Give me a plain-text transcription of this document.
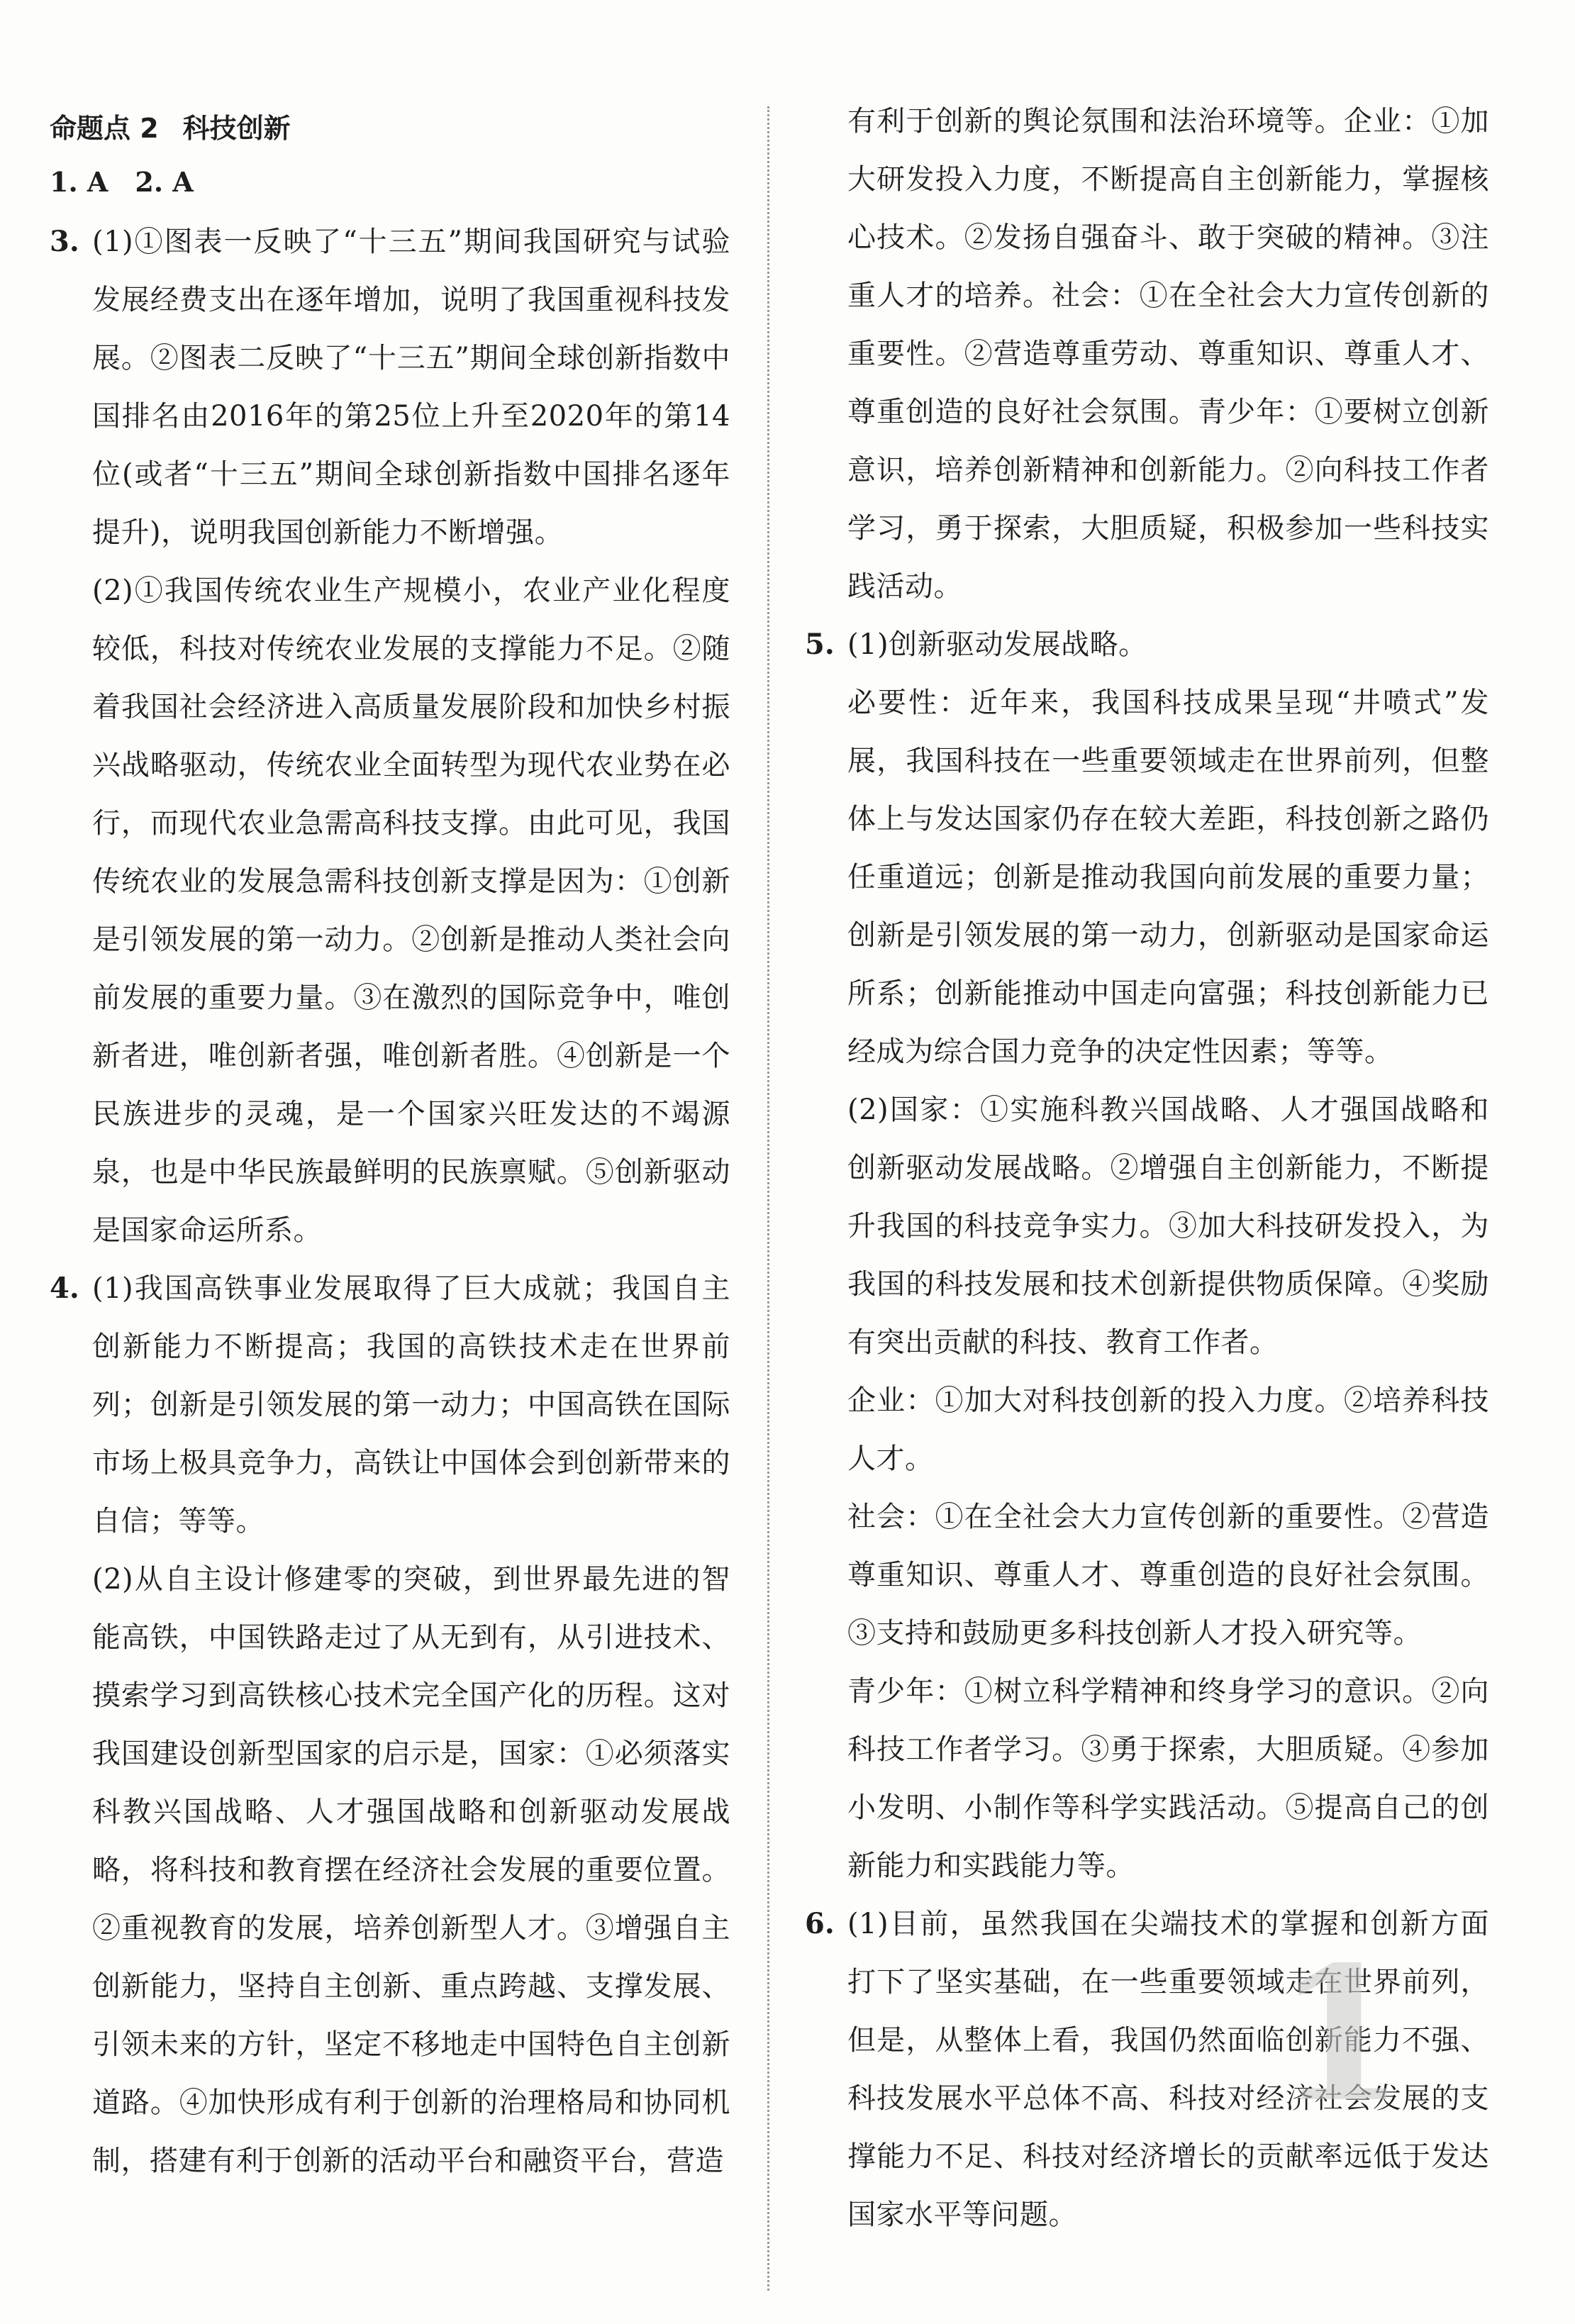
命题点 2 科技创新
1. A　2. A
3. (1)①图表一反映了“十三五”期间我国研究与试验发展经费支出在逐年增加，说明了我国重视科技发展。②图表二反映了“十三五”期间全球创新指数中国排名由2016年的第25位上升至2020年的第14位(或者“十三五”期间全球创新指数中国排名逐年提升)，说明我国创新能力不断增强。

(2)①我国传统农业生产规模小，农业产业化程度较低，科技对传统农业发展的支撑能力不足。②随着我国社会经济进入高质量发展阶段和加快乡村振兴战略驱动，传统农业全面转型为现代农业势在必行，而现代农业急需高科技支撑。由此可见，我国传统农业的发展急需科技创新支撑是因为：①创新是引领发展的第一动力。②创新是推动人类社会向前发展的重要力量。③在激烈的国际竞争中，唯创新者进，唯创新者强，唯创新者胜。④创新是一个民族进步的灵魂，是一个国家兴旺发达的不竭源泉，也是中华民族最鲜明的民族禀赋。⑤创新驱动是国家命运所系。

4. (1)我国高铁事业发展取得了巨大成就；我国自主创新能力不断提高；我国的高铁技术走在世界前列；创新是引领发展的第一动力；中国高铁在国际市场上极具竞争力，高铁让中国体会到创新带来的自信；等等。

(2)从自主设计修建零的突破，到世界最先进的智能高铁，中国铁路走过了从无到有，从引进技术、摸索学习到高铁核心技术完全国产化的历程。这对我国建设创新型国家的启示是，国家：①必须落实科教兴国战略、人才强国战略和创新驱动发展战略，将科技和教育摆在经济社会发展的重要位置。②重视教育的发展，培养创新型人才。③增强自主创新能力，坚持自主创新、重点跨越、支撑发展、引领未来的方针，坚定不移地走中国特色自主创新道路。④加快形成有利于创新的治理格局和协同机制，搭建有利于创新的活动平台和融资平台，营造

有利于创新的舆论氛围和法治环境等。企业：①加大研发投入力度，不断提高自主创新能力，掌握核心技术。②发扬自强奋斗、敢于突破的精神。③注重人才的培养。社会：①在全社会大力宣传创新的重要性。②营造尊重劳动、尊重知识、尊重人才、尊重创造的良好社会氛围。青少年：①要树立创新意识，培养创新精神和创新能力。②向科技工作者学习，勇于探索，大胆质疑，积极参加一些科技实践活动。

5. (1)创新驱动发展战略。

必要性：近年来，我国科技成果呈现“井喷式”发展，我国科技在一些重要领域走在世界前列，但整体上与发达国家仍存在较大差距，科技创新之路仍任重道远；创新是推动我国向前发展的重要力量；创新是引领发展的第一动力，创新驱动是国家命运所系；创新能推动中国走向富强；科技创新能力已经成为综合国力竞争的决定性因素；等等。

(2)国家：①实施科教兴国战略、人才强国战略和创新驱动发展战略。②增强自主创新能力，不断提升我国的科技竞争实力。③加大科技研发投入，为我国的科技发展和技术创新提供物质保障。④奖励有突出贡献的科技、教育工作者。

企业：①加大对科技创新的投入力度。②培养科技人才。

社会：①在全社会大力宣传创新的重要性。②营造尊重知识、尊重人才、尊重创造的良好社会氛围。③支持和鼓励更多科技创新人才投入研究等。

青少年：①树立科学精神和终身学习的意识。②向科技工作者学习。③勇于探索，大胆质疑。④参加小发明、小制作等科学实践活动。⑤提高自己的创新能力和实践能力等。

6. (1)目前，虽然我国在尖端技术的掌握和创新方面打下了坚实基础，在一些重要领域走在世界前列，但是，从整体上看，我国仍然面临创新能力不强、科技发展水平总体不高、科技对经济社会发展的支撑能力不足、科技对经济增长的贡献率远低于发达国家水平等问题。

1
